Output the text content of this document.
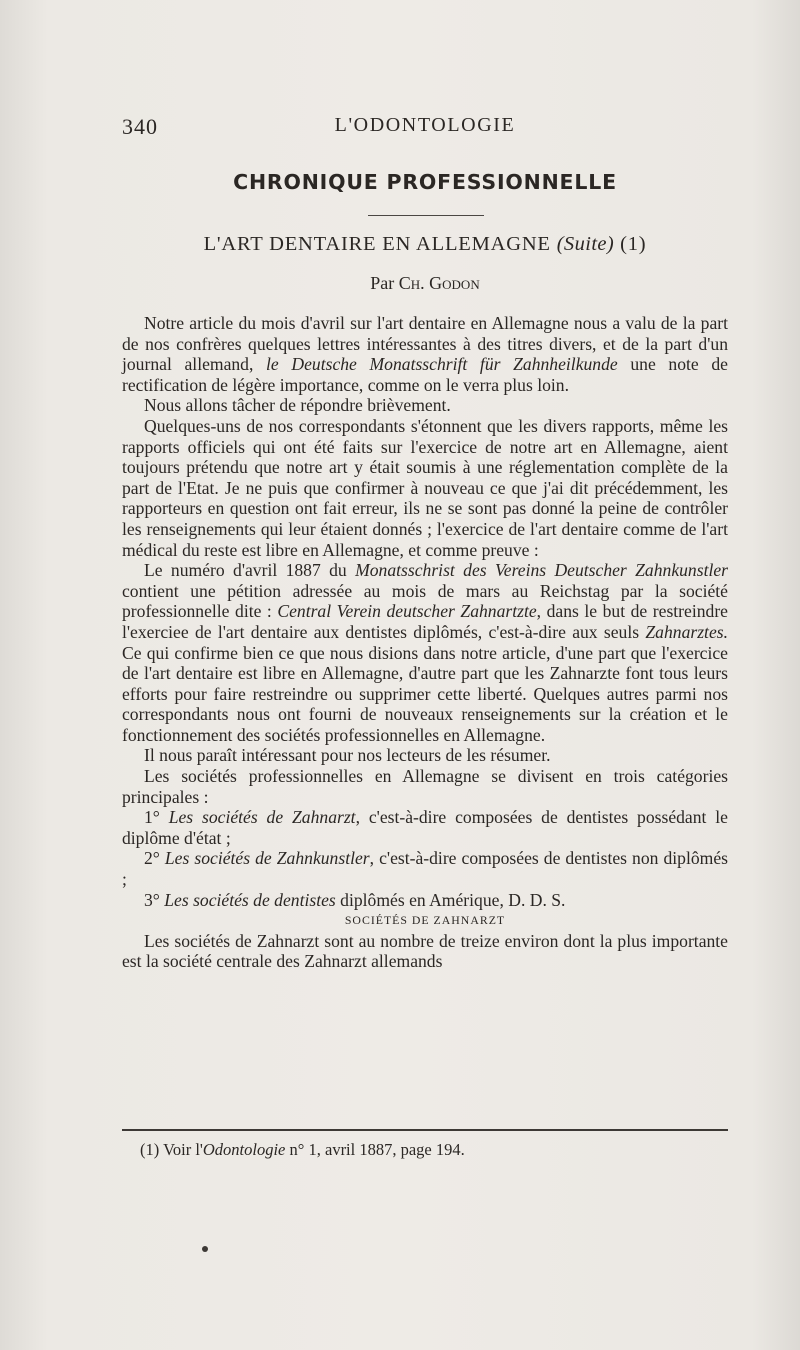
340	L'ODONTOLOGIE
CHRONIQUE PROFESSIONNELLE
L'ART DENTAIRE EN ALLEMAGNE (Suite) (1)
Par Ch. Godon

Notre article du mois d'avril sur l'art dentaire en Allemagne nous a valu de la part de nos confrères quelques lettres intéressantes à des titres divers, et de la part d'un journal allemand, le Deutsche Monatsschrift für Zahnheilkunde une note de rectification de légère importance, comme on le verra plus loin.

Nous allons tâcher de répondre brièvement.

Quelques-uns de nos correspondants s'étonnent que les divers rapports, même les rapports officiels qui ont été faits sur l'exercice de notre art en Allemagne, aient toujours prétendu que notre art y était soumis à une réglementation complète de la part de l'Etat. Je ne puis que confirmer à nouveau ce que j'ai dit précédemment, les rapporteurs en question ont fait erreur, ils ne se sont pas donné la peine de contrôler les renseignements qui leur étaient donnés ; l'exercice de l'art dentaire comme de l'art médical du reste est libre en Allemagne, et comme preuve :

Le numéro d'avril 1887 du Monatsschrist des Vereins Deutscher Zahnkunstler contient une pétition adressée au mois de mars au Reichstag par la société professionnelle dite : Central Verein deutscher Zahnartzte, dans le but de restreindre l'exerciee de l'art dentaire aux dentistes diplômés, c'est-à-dire aux seuls Zahnarztes. Ce qui confirme bien ce que nous disions dans notre article, d'une part que l'exercice de l'art dentaire est libre en Allemagne, d'autre part que les Zahnarzte font tous leurs efforts pour faire restreindre ou supprimer cette liberté. Quelques autres parmi nos correspondants nous ont fourni de nouveaux renseignements sur la création et le fonctionnement des sociétés professionnelles en Allemagne.

Il nous paraît intéressant pour nos lecteurs de les résumer.

Les sociétés professionnelles en Allemagne se divisent en trois catégories principales :

1° Les sociétés de Zahnarzt, c'est-à-dire composées de dentistes possédant le diplôme d'état ;

2° Les sociétés de Zahnkunstler, c'est-à-dire composées de dentistes non diplômés ;

3° Les sociétés de dentistes diplômés en Amérique, D. D. S.

SOCIÉTÉS DE ZAHNARZT

Les sociétés de Zahnarzt sont au nombre de treize environ dont la plus importante est la société centrale des Zahnarzt allemands

(1) Voir l'Odontologie n° 1, avril 1887, page 194.
